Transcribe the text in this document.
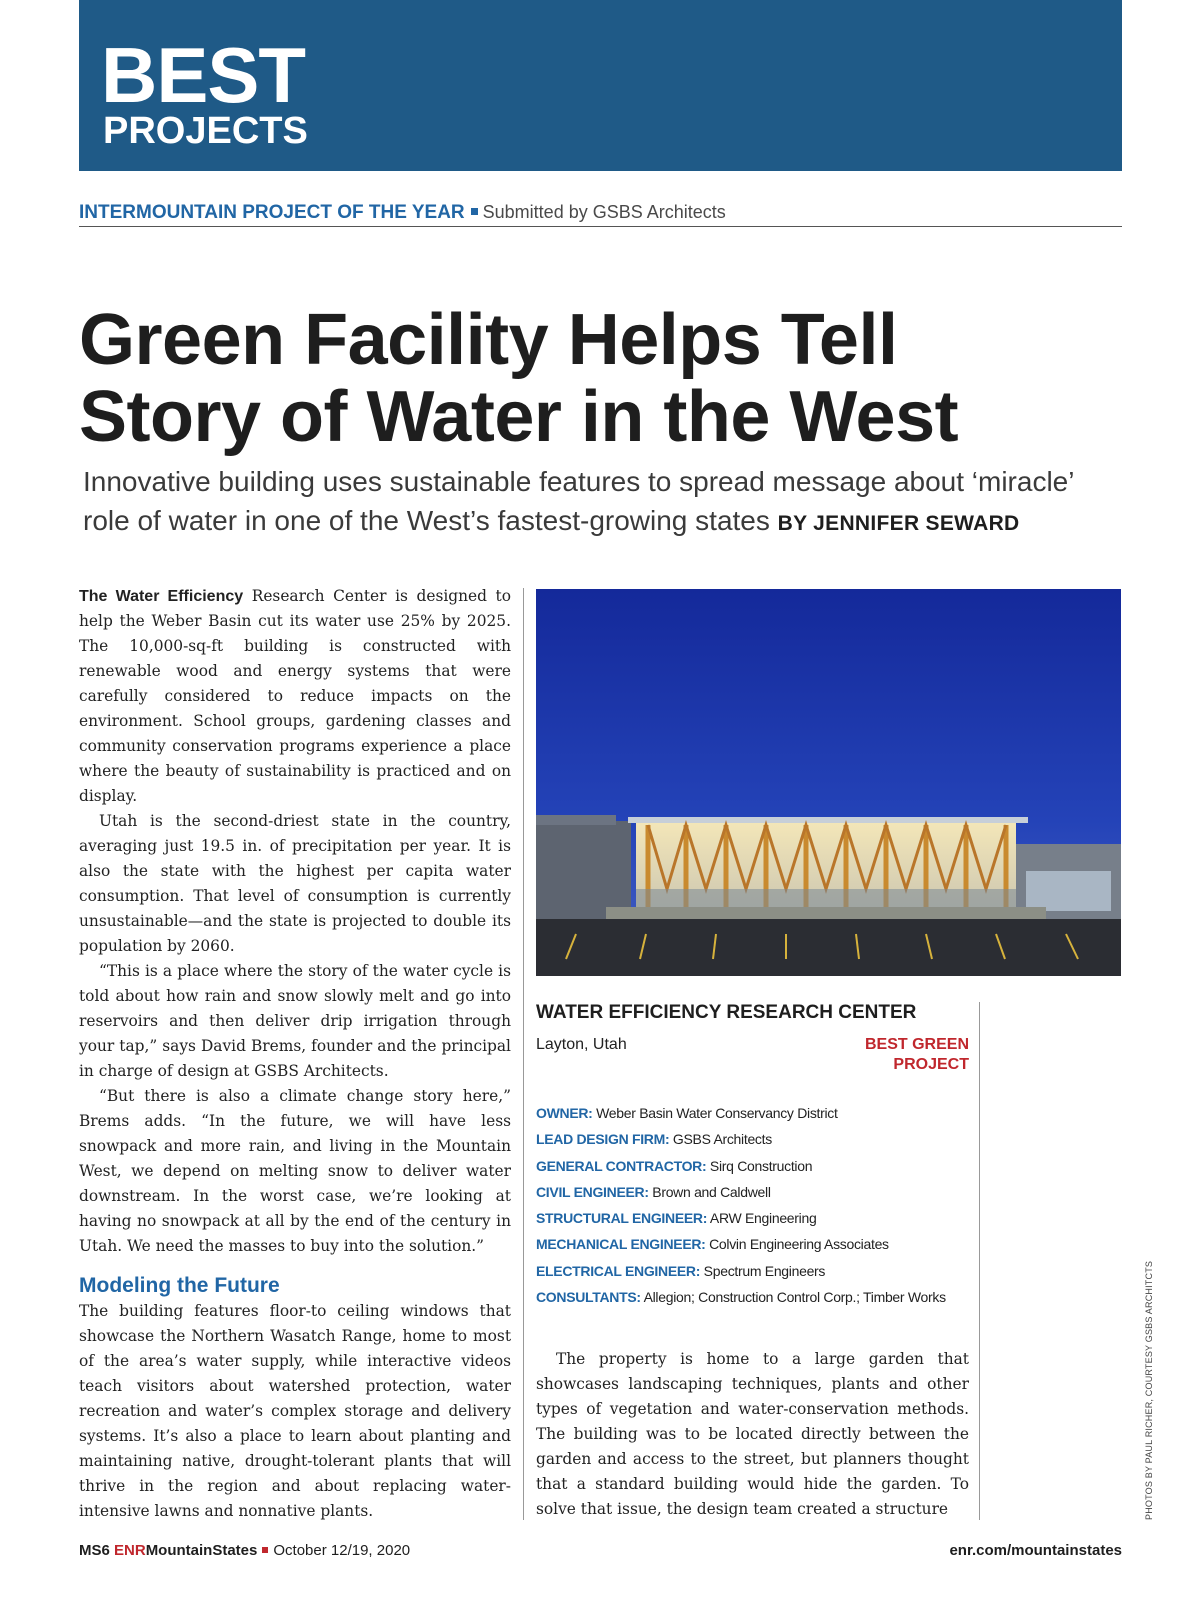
BEST
PROJECTS
INTERMOUNTAIN PROJECT OF THE YEAR Submitted by GSBS Architects
Green Facility Helps Tell
Story of Water in the West
Innovative building uses sustainable features to spread message about ‘miracle’ role of water in one of the West’s fastest-growing states BY JENNIFER SEWARD

The Water Efficiency Research Center is designed to help the Weber Basin cut its water use 25% by 2025. The 10,000-sq-ft building is constructed with renewable wood and energy systems that were carefully considered to reduce impacts on the environment. School groups, gardening classes and community conservation programs experience a place where the beauty of sustainability is practiced and on display.

Utah is the second-driest state in the country, averaging just 19.5 in. of precipitation per year. It is also the state with the highest per capita water consumption. That level of consumption is currently unsustainable—and the state is projected to double its population by 2060.

“This is a place where the story of the water cycle is told about how rain and snow slowly melt and go into reservoirs and then deliver drip irrigation through your tap,” says David Brems, founder and the principal in charge of design at GSBS Architects.

“But there is also a climate change story here,” Brems adds. “In the future, we will have less snowpack and more rain, and living in the Mountain West, we depend on melting snow to deliver water downstream. In the worst case, we’re looking at having no snowpack at all by the end of the century in Utah. We need the masses to buy into the solution.”

Modeling the Future

The building features floor-to ceiling windows that showcase the Northern Wasatch Range, home to most of the area’s water supply, while interactive videos teach visitors about watershed protection, water recreation and water’s complex storage and delivery systems. It’s also a place to learn about planting and maintaining native, drought-tolerant plants that will thrive in the region and about replacing water-intensive lawns and nonnative plants.

WATER EFFICIENCY RESEARCH CENTER
Layton, Utah	BEST GREEN PROJECT
OWNER: Weber Basin Water Conservancy District
LEAD DESIGN FIRM: GSBS Architects
GENERAL CONTRACTOR: Sirq Construction
CIVIL ENGINEER: Brown and Caldwell
STRUCTURAL ENGINEER: ARW Engineering
MECHANICAL ENGINEER: Colvin Engineering Associates
ELECTRICAL ENGINEER: Spectrum Engineers
CONSULTANTS: Allegion; Construction Control Corp.; Timber Works

The property is home to a large garden that showcases landscaping techniques, plants and other types of vegetation and water-conservation methods. The building was to be located directly between the garden and access to the street, but planners thought that a standard building would hide the garden. To solve that issue, the design team created a structure	PHOTOS BY PAUL RICHER, COURTESY GSBS ARCHITCTS
MS6 ENRMountainStates October 12/19, 2020	enr.com/mountainstates
